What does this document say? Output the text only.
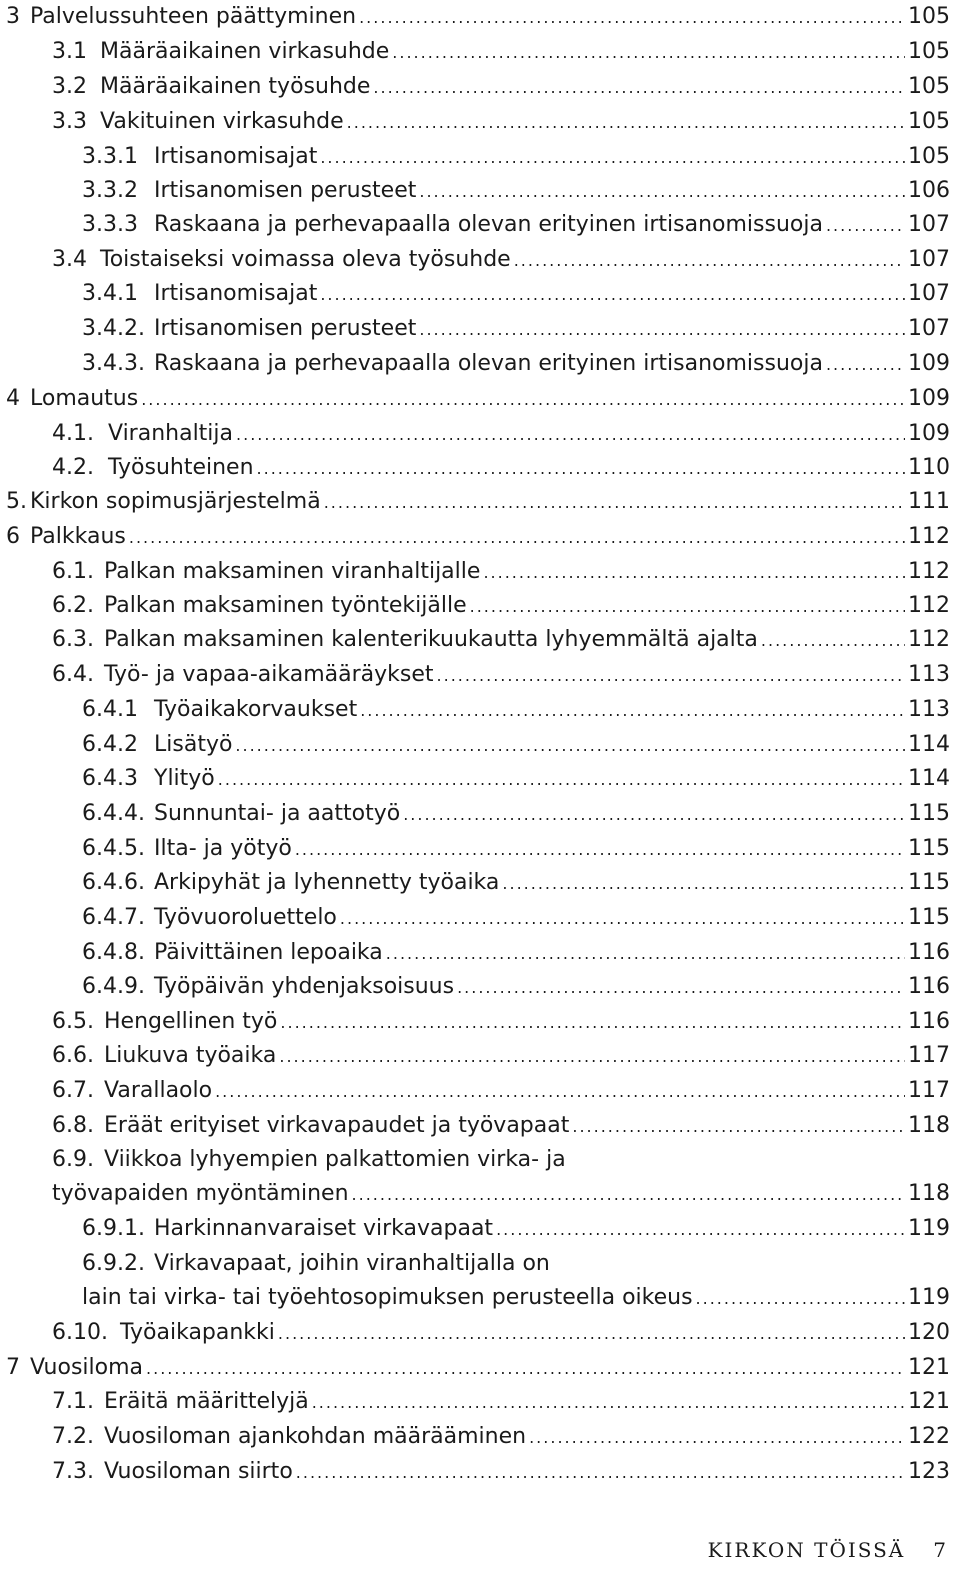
3 Palvelussuhteen päättyminen .....	105
3.1 Määräaikainen virkasuhde .....	105
3.2 Määräaikainen työsuhde .....	105
3.3 Vakituinen virkasuhde .....	105
3.3.1 Irtisanomisajat .....	105
3.3.2 Irtisanomisen perusteet .....	106
3.3.3 Raskaana ja perhevapaalla olevan erityinen irtisanomissuoja .....	107
3.4 Toistaiseksi voimassa oleva työsuhde .....	107
3.4.1 Irtisanomisajat .....	107
3.4.2. Irtisanomisen perusteet .....	107
3.4.3. Raskaana ja perhevapaalla olevan erityinen irtisanomissuoja .....	109
4 Lomautus .....	109
4.1. Viranhaltija .....	109
4.2. Työsuhteinen .....	110
5. Kirkon sopimusjärjestelmä .....	111
6 Palkkaus .....	112
6.1. Palkan maksaminen viranhaltijalle .....	112
6.2. Palkan maksaminen työntekijälle .....	112
6.3. Palkan maksaminen kalenterikuukautta lyhyemmältä ajalta .....	112
6.4. Työ- ja vapaa-aikamääräykset .....	113
6.4.1 Työaikakorvaukset .....	113
6.4.2 Lisätyö .....	114
6.4.3 Ylityö .....	114
6.4.4. Sunnuntai- ja aattotyö .....	115
6.4.5. Ilta- ja yötyö .....	115
6.4.6. Arkipyhät ja lyhennetty työaika .....	115
6.4.7. Työvuoroluettelo .....	115
6.4.8. Päivittäinen lepoaika .....	116
6.4.9. Työpäivän yhdenjaksoisuus .....	116
6.5. Hengellinen työ .....	116
6.6. Liukuva työaika .....	117
6.7. Varallaolo .....	117
6.8. Eräät erityiset virkavapaudet ja työvapaat .....	118
6.9. Viikkoa lyhyempien palkattomien virka- ja
työvapaiden myöntäminen .....	118
6.9.1. Harkinnanvaraiset virkavapaat .....	119
6.9.2. Virkavapaat, joihin viranhaltijalla on
lain tai virka- tai työehtosopimuksen perusteella oikeus .....	119
6.10. Työaikapankki .....	120
7 Vuosiloma .....	121
7.1. Eräitä määrittelyjä .....	121
7.2. Vuosiloman ajankohdan määrääminen .....	122
7.3. Vuosiloman siirto .....	123
KIRKON TÖISSÄ 7
